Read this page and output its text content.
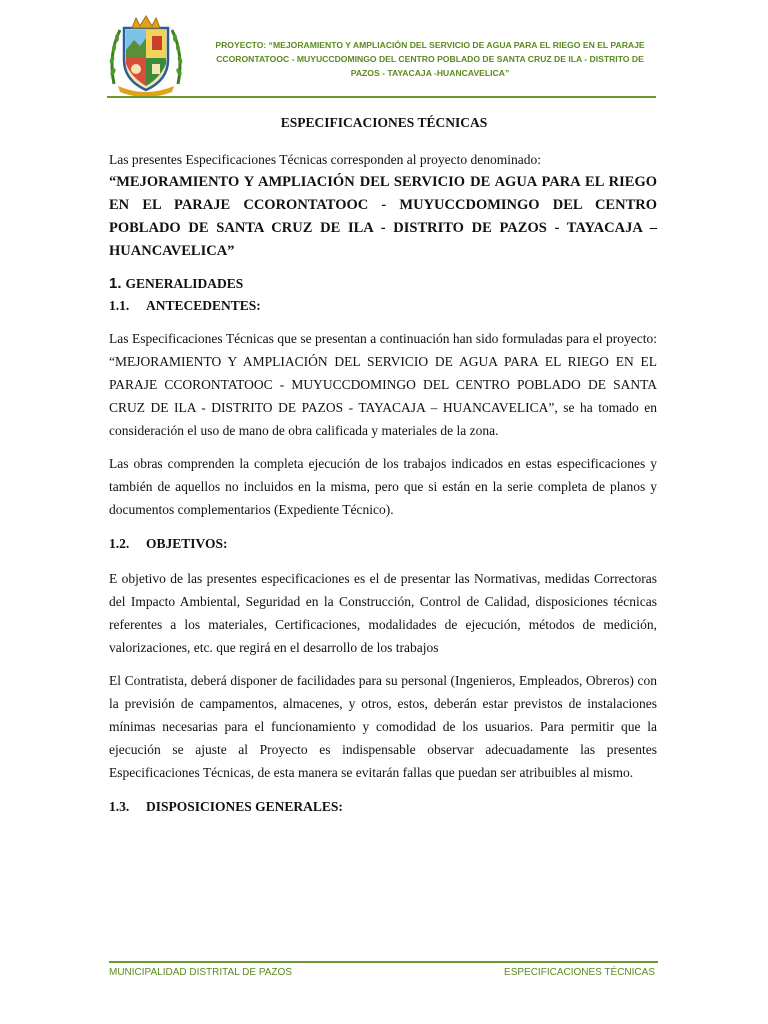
PROYECTO: “MEJORAMIENTO Y AMPLIACIÓN DEL SERVICIO DE AGUA PARA EL RIEGO EN EL PARAJE
CCORONTATOOC - MUYUCCDOMINGO DEL CENTRO POBLADO DE SANTA CRUZ DE ILA - DISTRITO DE
PAZOS - TAYACAJA -HUANCAVELICA”
ESPECIFICACIONES TÉCNICAS

Las presentes Especificaciones Técnicas corresponden al proyecto denominado:

“MEJORAMIENTO Y AMPLIACIÓN DEL SERVICIO DE AGUA PARA EL RIEGO EN EL PARAJE CCORONTATOOC - MUYUCCDOMINGO DEL CENTRO POBLADO DE SANTA CRUZ DE ILA - DISTRITO DE PAZOS - TAYACAJA – HUANCAVELICA”

1. GENERALIDADES
1.1. ANTECEDENTES:

Las Especificaciones Técnicas que se presentan a continuación han sido formuladas para el proyecto: “MEJORAMIENTO Y AMPLIACIÓN DEL SERVICIO DE AGUA PARA EL RIEGO EN EL PARAJE CCORONTATOOC - MUYUCCDOMINGO DEL CENTRO POBLADO DE SANTA CRUZ DE ILA - DISTRITO DE PAZOS - TAYACAJA – HUANCAVELICA”, se ha tomado en consideración el uso de mano de obra calificada y materiales de la zona.

Las obras comprenden la completa ejecución de los trabajos indicados en estas especificaciones y también de aquellos no incluidos en la misma, pero que si están en la serie completa de planos y documentos complementarios (Expediente Técnico).

1.2. OBJETIVOS:

E objetivo de las presentes especificaciones es el de presentar las Normativas, medidas Correctoras del Impacto Ambiental, Seguridad en la Construcción, Control de Calidad, disposiciones técnicas referentes a los materiales, Certificaciones, modalidades de ejecución, métodos de medición, valorizaciones, etc. que regirá en el desarrollo de los trabajos

El Contratista, deberá disponer de facilidades para su personal (Ingenieros, Empleados, Obreros) con la previsión de campamentos, almacenes, y otros, estos, deberán estar previstos de instalaciones mínimas necesarias para el funcionamiento y comodidad de los usuarios. Para permitir que la ejecución se ajuste al Proyecto es indispensable observar adecuadamente las presentes Especificaciones Técnicas, de esta manera se evitarán fallas que puedan ser atribuibles al mismo.

1.3. DISPOSICIONES GENERALES:
MUNICIPALIDAD DISTRITAL DE PAZOS	ESPECIFICACIONES TÉCNICAS
